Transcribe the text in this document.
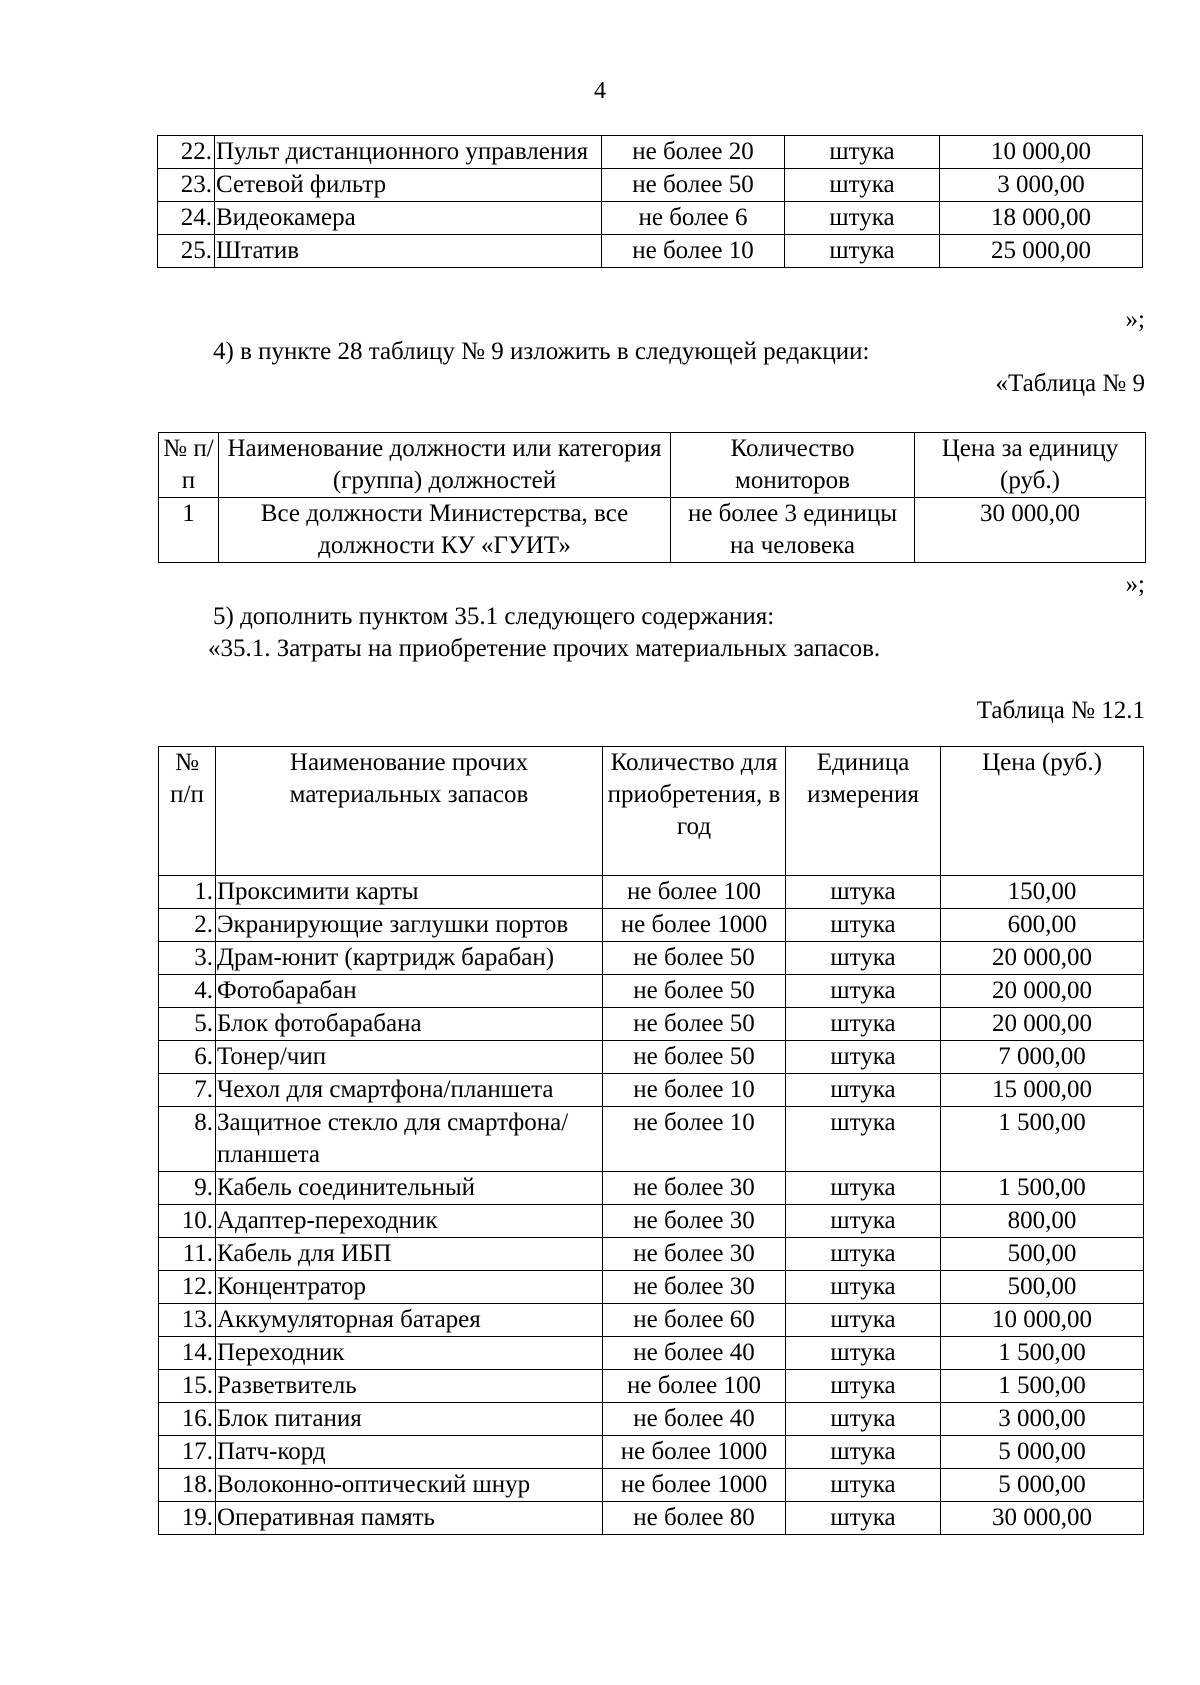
4
22.	Пульт дистанционного управления	не более 20	штука	10 000,00
23.	Сетевой фильтр	не более 50	штука	3 000,00
24.	Видеокамера	не более 6	штука	18 000,00
25.	Штатив	не более 10	штука	25 000,00
»;
4) в пункте 28 таблицу № 9 изложить в следующей редакции:
«Таблица № 9
№ п/п	Наименование должности или категория (группа) должностей	Количество мониторов	Цена за единицу (руб.)
1	Все должности Министерства, все должности КУ «ГУИТ»	не более 3 единицы на человека	30 000,00
»;
5) дополнить пунктом 35.1 следующего содержания:
«35.1. Затраты на приобретение прочих материальных запасов.
Таблица № 12.1
№ п/п	Наименование прочих материальных запасов	Количество для приобретения, в год	Единица измерения	Цена (руб.)
1.	Проксимити карты	не более 100	штука	150,00
2.	Экранирующие заглушки портов	не более 1000	штука	600,00
3.	Драм-юнит (картридж барабан)	не более 50	штука	20 000,00
4.	Фотобарабан	не более 50	штука	20 000,00
5.	Блок фотобарабана	не более 50	штука	20 000,00
6.	Тонер/чип	не более 50	штука	7 000,00
7.	Чехол для смартфона/планшета	не более 10	штука	15 000,00
8.	Защитное стекло для смартфона/планшета	не более 10	штука	1 500,00
9.	Кабель соединительный	не более 30	штука	1 500,00
10.	Адаптер-переходник	не более 30	штука	800,00
11.	Кабель для ИБП	не более 30	штука	500,00
12.	Концентратор	не более 30	штука	500,00
13.	Аккумуляторная батарея	не более 60	штука	10 000,00
14.	Переходник	не более 40	штука	1 500,00
15.	Разветвитель	не более 100	штука	1 500,00
16.	Блок питания	не более 40	штука	3 000,00
17.	Патч-корд	не более 1000	штука	5 000,00
18.	Волоконно-оптический шнур	не более 1000	штука	5 000,00
19.	Оперативная память	не более 80	штука	30 000,00
